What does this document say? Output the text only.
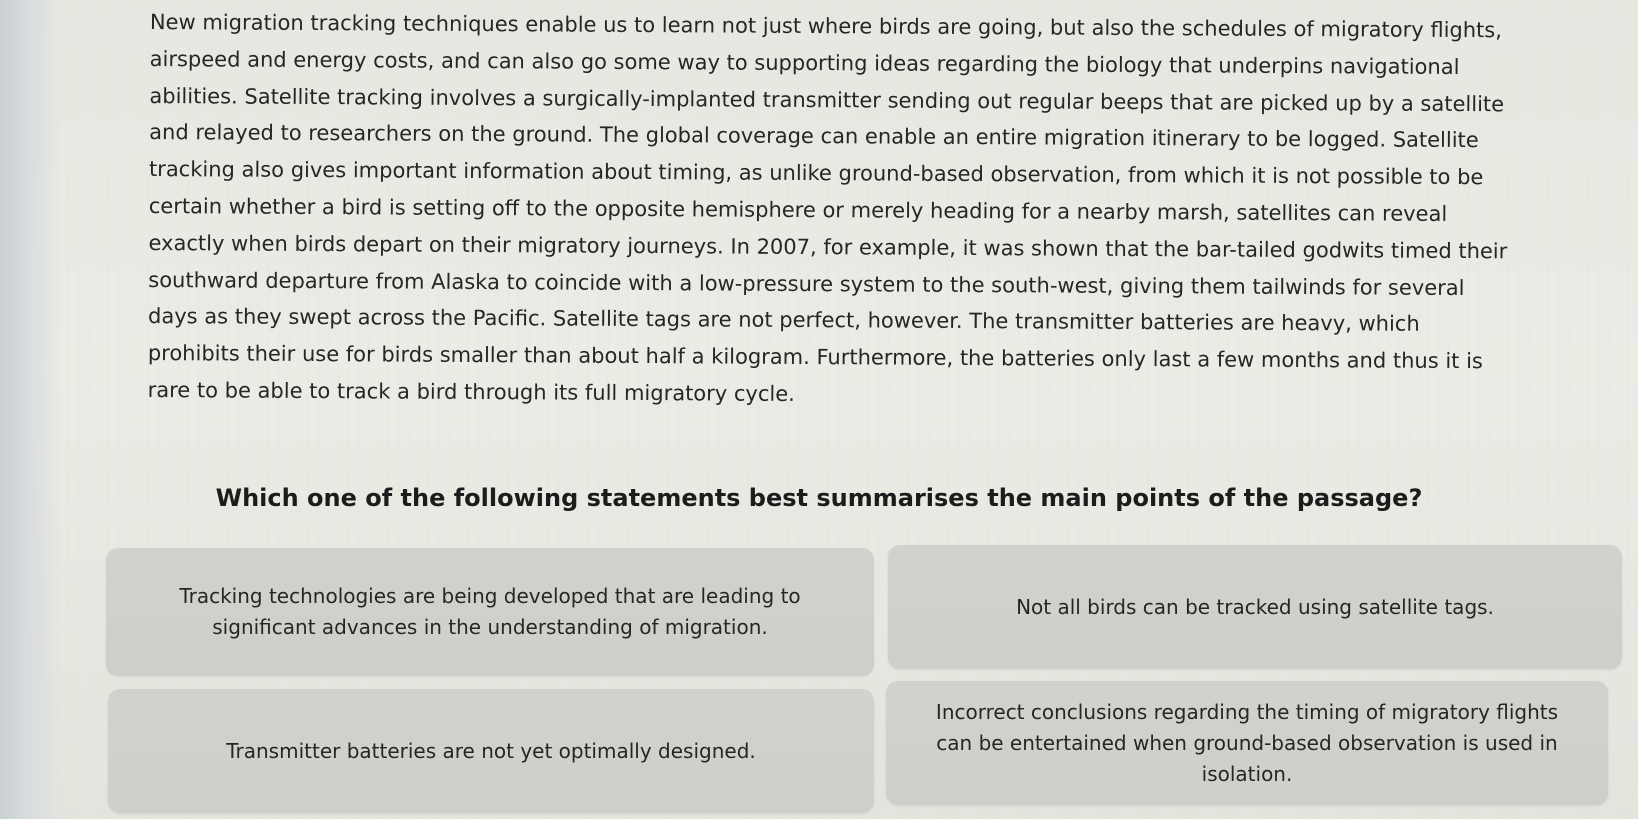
New migration tracking techniques enable us to learn not just where birds are going, but also the schedules of migratory flights,
airspeed and energy costs, and can also go some way to supporting ideas regarding the biology that underpins navigational
abilities. Satellite tracking involves a surgically-implanted transmitter sending out regular beeps that are picked up by a satellite
and relayed to researchers on the ground. The global coverage can enable an entire migration itinerary to be logged. Satellite
tracking also gives important information about timing, as unlike ground-based observation, from which it is not possible to be
certain whether a bird is setting off to the opposite hemisphere or merely heading for a nearby marsh, satellites can reveal
exactly when birds depart on their migratory journeys. In 2007, for example, it was shown that the bar-tailed godwits timed their
southward departure from Alaska to coincide with a low-pressure system to the south-west, giving them tailwinds for several
days as they swept across the Pacific. Satellite tags are not perfect, however. The transmitter batteries are heavy, which
prohibits their use for birds smaller than about half a kilogram. Furthermore, the batteries only last a few months and thus it is
rare to be able to track a bird through its full migratory cycle.
Which one of the following statements best summarises the main points of the passage?
Tracking technologies are being developed that are leading to
significant advances in the understanding of migration.
Not all birds can be tracked using satellite tags.
Transmitter batteries are not yet optimally designed.
Incorrect conclusions regarding the timing of migratory flights
can be entertained when ground-based observation is used in
isolation.
